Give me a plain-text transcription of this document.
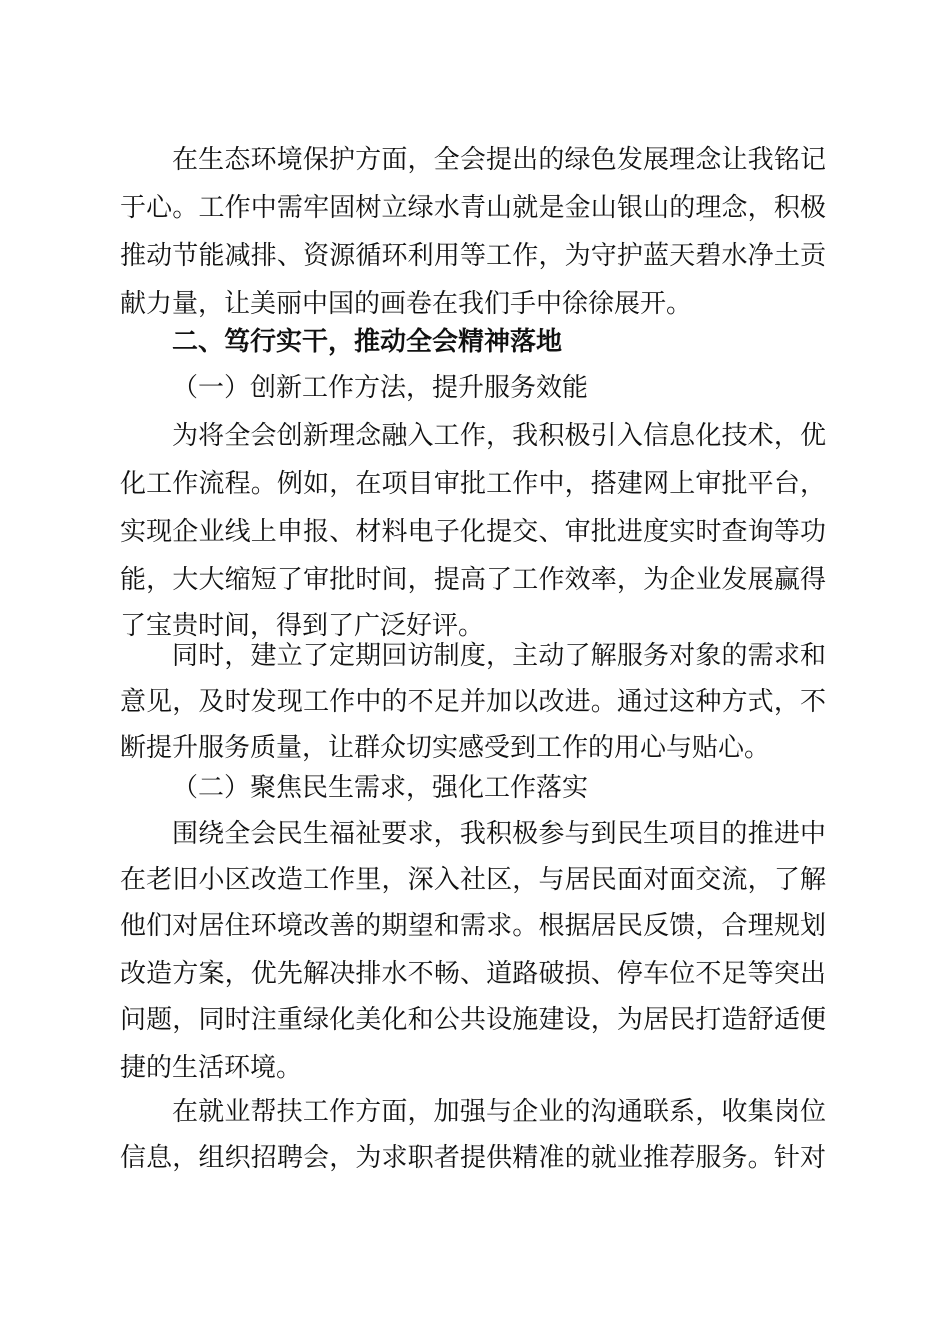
在生态环境保护方面，全会提出的绿色发展理念让我铭记
于心。工作中需牢固树立绿水青山就是金山银山的理念，积极
推动节能减排、资源循环利用等工作，为守护蓝天碧水净土贡
献力量，让美丽中国的画卷在我们手中徐徐展开。
二、笃行实干，推动全会精神落地
（一）创新工作方法，提升服务效能
为将全会创新理念融入工作，我积极引入信息化技术，优
化工作流程。例如，在项目审批工作中，搭建网上审批平台，
实现企业线上申报、材料电子化提交、审批进度实时查询等功
能，大大缩短了审批时间，提高了工作效率，为企业发展赢得
了宝贵时间，得到了广泛好评。
同时，建立了定期回访制度，主动了解服务对象的需求和
意见，及时发现工作中的不足并加以改进。通过这种方式，不
断提升服务质量，让群众切实感受到工作的用心与贴心。
（二）聚焦民生需求，强化工作落实
围绕全会民生福祉要求，我积极参与到民生项目的推进中
在老旧小区改造工作里，深入社区，与居民面对面交流，了解
他们对居住环境改善的期望和需求。根据居民反馈，合理规划
改造方案，优先解决排水不畅、道路破损、停车位不足等突出
问题，同时注重绿化美化和公共设施建设，为居民打造舒适便
捷的生活环境。
在就业帮扶工作方面，加强与企业的沟通联系，收集岗位
信息，组织招聘会，为求职者提供精准的就业推荐服务。针对
